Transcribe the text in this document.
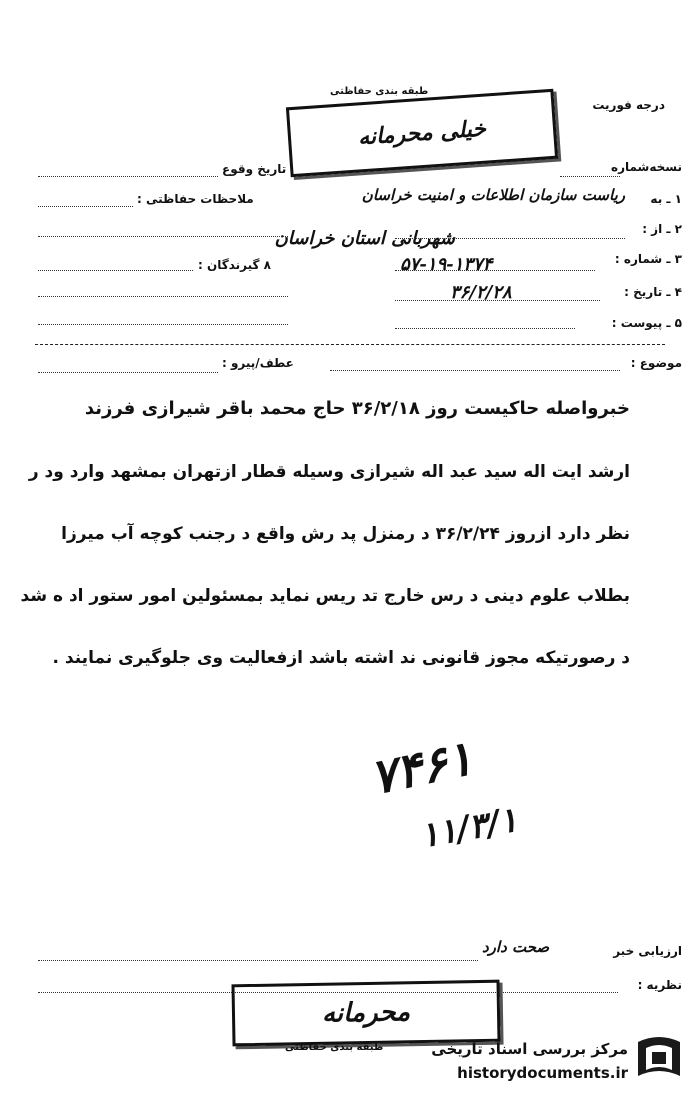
خیلی محرمانه
طبقه بندی حفاظتی
درجه فوریت
نسخه‌شماره
تاریخ وقوع
۱ ـ به
ریاست سازمان اطلاعات و امنیت خراسان
ملاحظات حفاظتی :
۲ ـ از :
شهربانی استان خراسان
۳ ـ شماره :
۵۷-۱۹-۱۳۷۴
۸ گیرندگان :
۴ ـ تاریخ :
۳۶/۲/۲۸
۵ ـ پیوست :
موضوع :
عطف/پیرو :
خبرواصله حاکیست روز ۳۶/۲/۱۸ حاج محمد باقر شیرازی فرزند
ارشد ایت اله سید عبد اله شیرازی وسیله قطار ازتهران بمشهد وارد ود ر
نظر دارد ازروز ۳۶/۲/۲۴ د رمنزل پد رش واقع د رجنب کوچه آب میرزا
بطلاب علوم دینی د رس خارج تد ریس نماید بمسئولین امور ستور اد ه شد
د رصورتیکه مجوز قانونی ند اشته باشد ازفعالیت وی جلوگیری نمایند .
۷۴۶۱
۱۱/۳/۱
ارزیابی خبر
صحت دارد
نظریه :
محرمانه
طبقه بندی حفاظتی	مرکز بررسی اسناد تاریخی
historydocuments.ir
